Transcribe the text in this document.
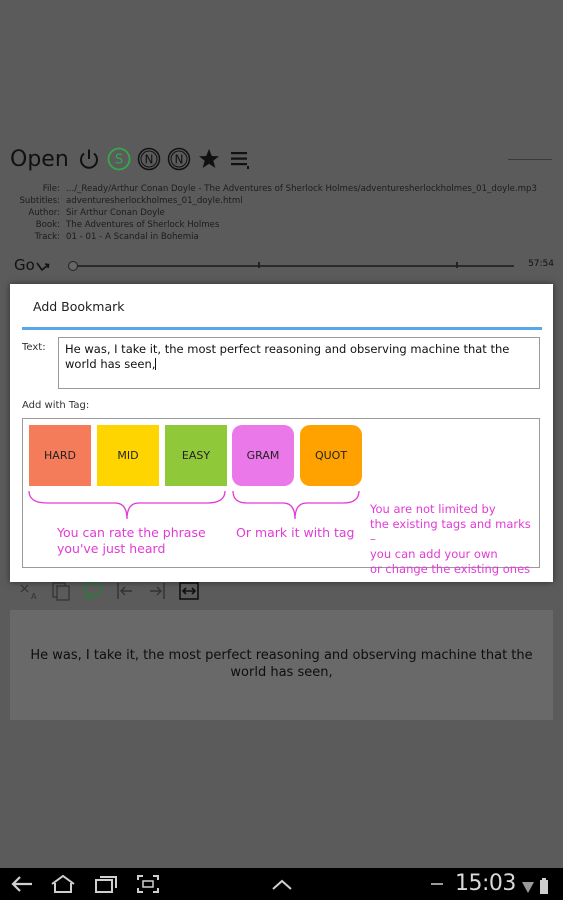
Open	S N N
File: .../_Ready/Arthur Conan Doyle - The Adventures of Sherlock Holmes/adventuresherlockholmes_01_doyle.mp3
Subtitles: adventuresherlockholmes_01_doyle.html
Author: Sir Arthur Conan Doyle
Book: The Adventures of Sherlock Holmes
Track: 01 - 01 - A Scandal in Bohemia
Go	57:54
A
He was, I take it, the most perfect reasoning and observing machine that the world has seen,
Add Bookmark
Text:	He was, I take it, the most perfect reasoning and observing machine that the world has seen,
Add with Tag:
HARD	MID	EASY	GRAM	QUOT
You can rate the phrase
you've just heard
Or mark it with tag
You are not limited by
the existing tags and marks –
you can add your own
or change the existing ones
15:03
